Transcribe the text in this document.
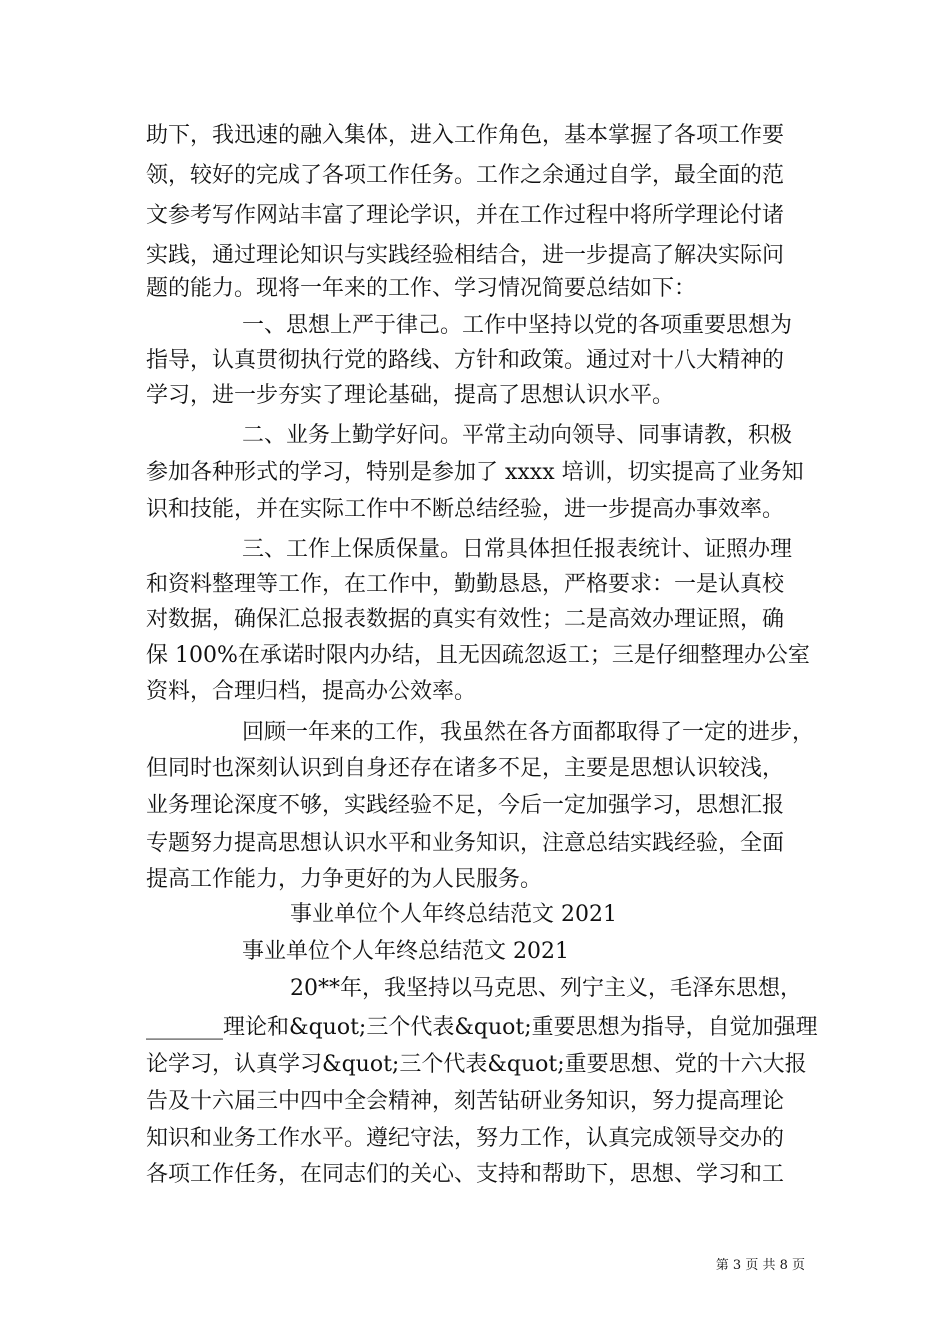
助下，我迅速的融入集体，进入工作角色，基本掌握了各项工作要
领，较好的完成了各项工作任务。工作之余通过自学，最全面的范
文参考写作网站丰富了理论学识，并在工作过程中将所学理论付诸
实践，通过理论知识与实践经验相结合，进一步提高了解决实际问
题的能力。现将一年来的工作、学习情况简要总结如下：
一、思想上严于律己。工作中坚持以党的各项重要思想为
指导，认真贯彻执行党的路线、方针和政策。通过对十八大精神的
学习，进一步夯实了理论基础，提高了思想认识水平。
二、业务上勤学好问。平常主动向领导、同事请教，积极
参加各种形式的学习，特别是参加了 xxxx 培训，切实提高了业务知
识和技能，并在实际工作中不断总结经验，进一步提高办事效率。
三、工作上保质保量。日常具体担任报表统计、证照办理
和资料整理等工作，在工作中，勤勤恳恳，严格要求：一是认真校
对数据，确保汇总报表数据的真实有效性；二是高效办理证照，确
保 100%在承诺时限内办结，且无因疏忽返工；三是仔细整理办公室
资料，合理归档，提高办公效率。
回顾一年来的工作，我虽然在各方面都取得了一定的进步，
但同时也深刻认识到自身还存在诸多不足，主要是思想认识较浅，
业务理论深度不够，实践经验不足，今后一定加强学习，思想汇报
专题努力提高思想认识水平和业务知识，注意总结实践经验，全面
提高工作能力，力争更好的为人民服务。
事业单位个人年终总结范文 2021
事业单位个人年终总结范文 2021
20**年，我坚持以马克思、列宁主义，毛泽东思想，
_______理论和&quot;三个代表&quot;重要思想为指导，自觉加强理
论学习，认真学习&quot;三个代表&quot;重要思想、党的十六大报
告及十六届三中四中全会精神，刻苦钻研业务知识，努力提高理论
知识和业务工作水平。遵纪守法，努力工作，认真完成领导交办的
各项工作任务，在同志们的关心、支持和帮助下，思想、学习和工
第 3 页 共 8 页
